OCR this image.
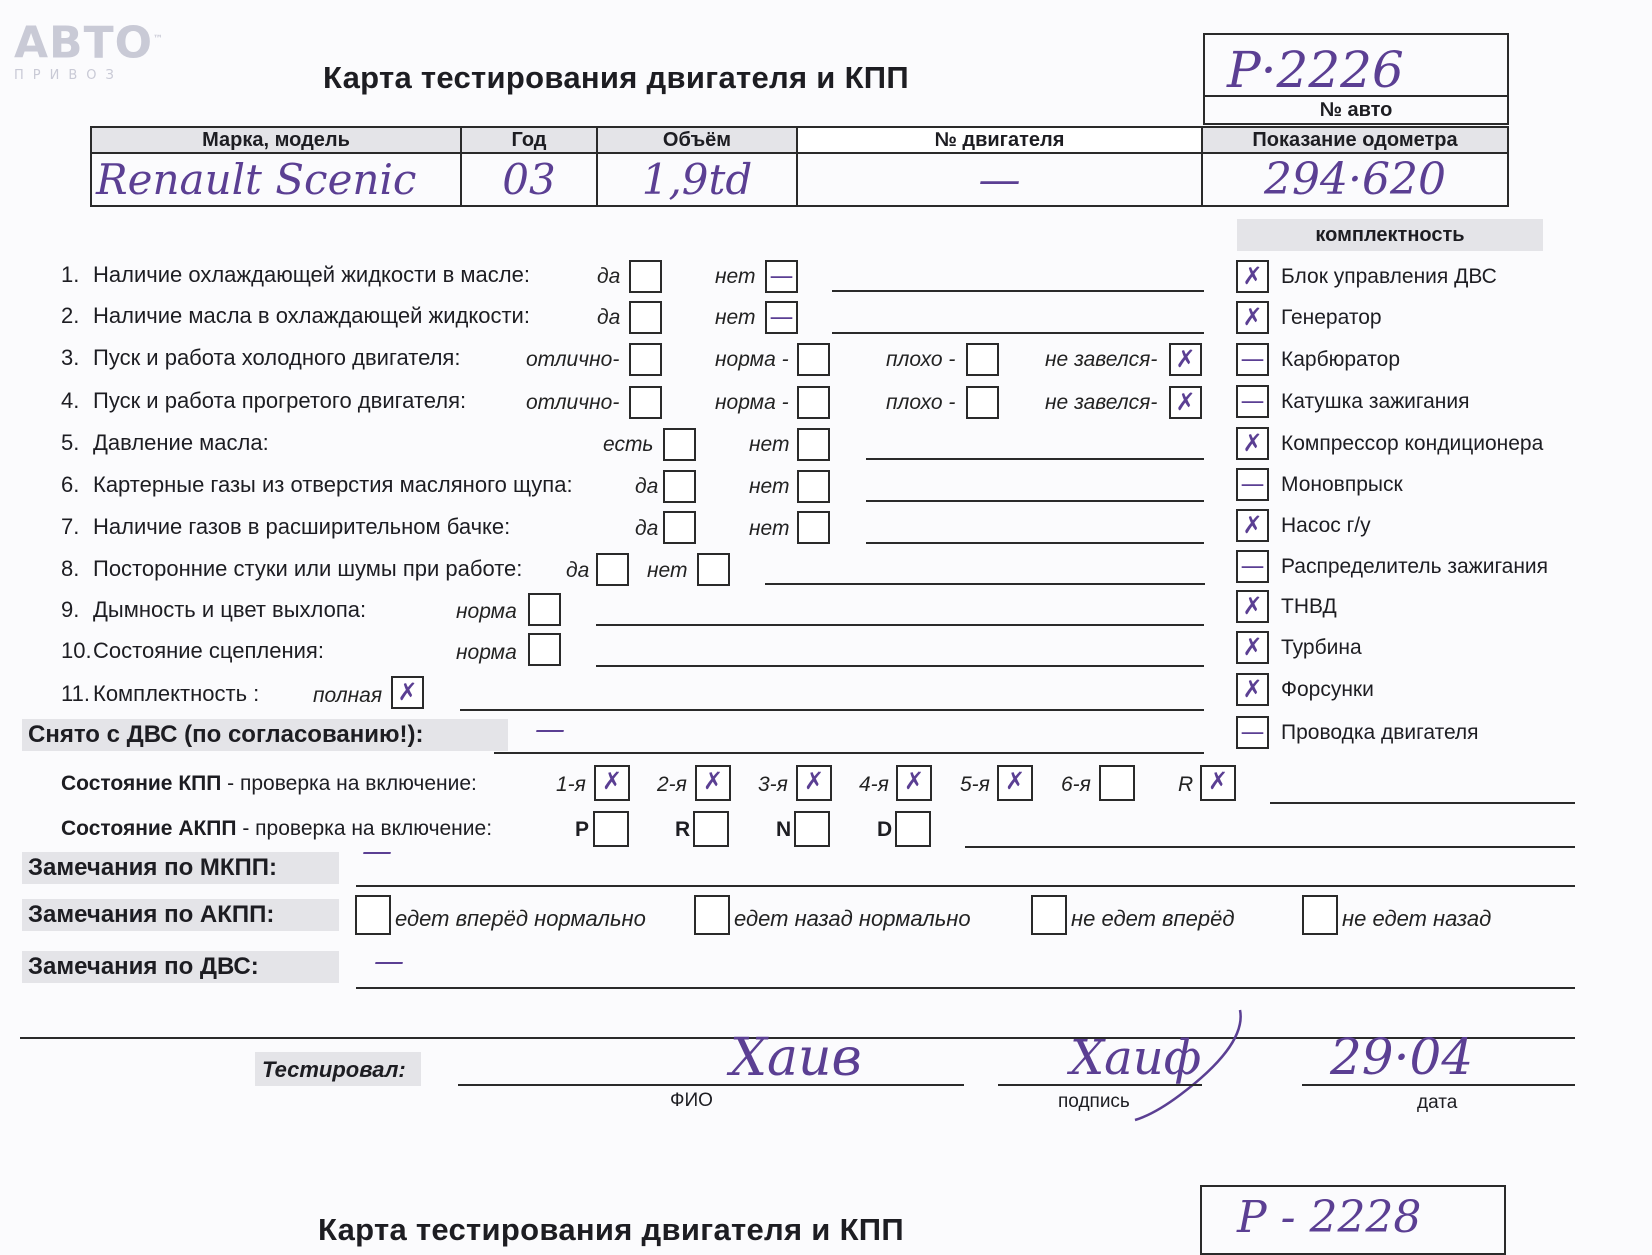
АВТО™
ПРИВОЗ	Карта тестирования двигателя и КПП	Р·2226
№ авто
Марка, модель	Год	Объём	№ двигателя	Показание одометра
Renault Scenic	03	1,9td	—	294·620
комплектность
✗ Блок управления ДВС
✗ Генератор
— Карбюратор
— Катушка зажигания
✗ Компрессор кондиционера
— Моновпрыск
✗ Насос г/у
— Распределитель зажигания
✗ ТНВД
✗ Турбина
✗ Форсунки
— Проводка двигателя
1. Наличие охлаждающей жидкости в масле:	да	нет —
2. Наличие масла в охлаждающей жидкости:	да	нет —
3. Пуск и работа холодного двигателя:	отлично-	норма -	плохо -	не завелся- ✗
4. Пуск и работа прогретого двигателя:	отлично-	норма -	плохо -	не завелся- ✗
5. Давление масла:	есть	нет
6. Картерные газы из отверстия масляного щупа:	да	нет
7. Наличие газов в расширительном бачке:	да	нет
8. Посторонние стуки или шумы при работе: да	нет
9. Дымность и цвет выхлопа:	норма
10.Состояние сцепления:	норма
11. Комплектность :	полная ✗
Снято с ДВС (по согласованию!):	—
Состояние КПП - проверка на включение:	1-я ✗	2-я ✗	3-я ✗	4-я ✗	5-я ✗	6-я	R ✗
Состояние АКПП - проверка на включение:	P	R	N	D
Замечания по МКПП:	—
Замечания по АКПП:	едет вперёд нормально	едет назад нормально	не едет вперёд	не едет назад
Замечания по ДВС:	—
Тестировал:	Хаив
ФИО
Хаиф
подпись
29·04
дата
Карта тестирования двигателя и КПП	Р - 2228
